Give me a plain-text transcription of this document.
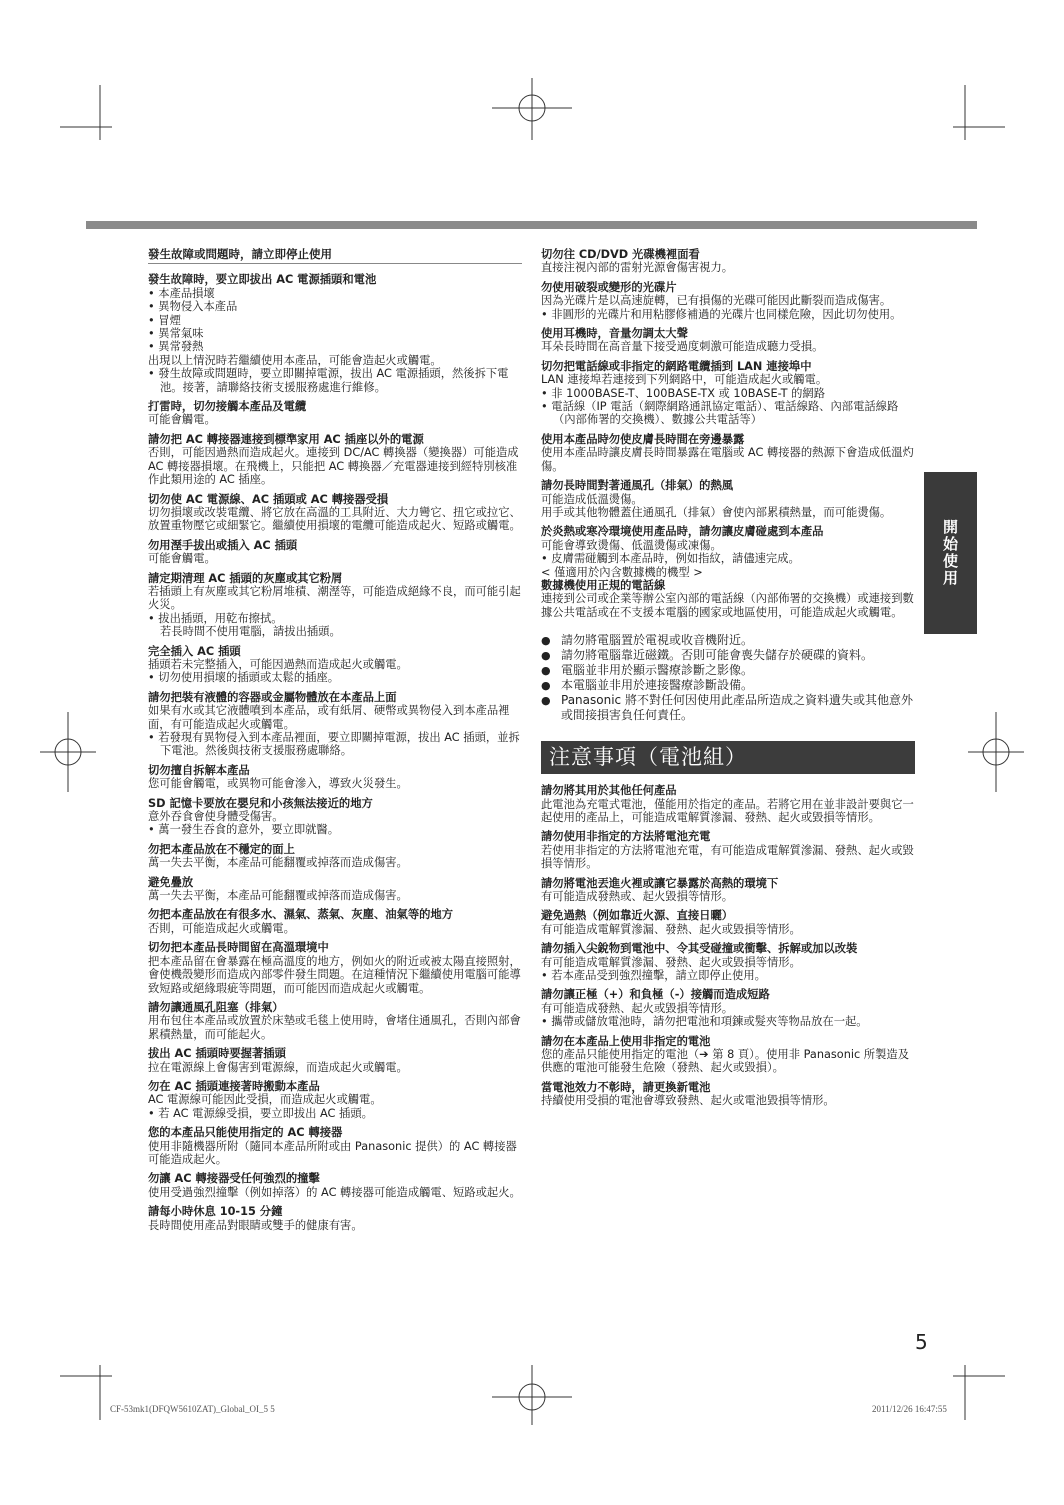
發生故障或問題時，請立即停止使用
發生故障時，要立即拔出 AC 電源插頭和電池
• 本產品損壞
• 異物侵入本產品
• 冒煙
• 異常氣味
• 異常發熱
出現以上情況時若繼續使用本產品，可能會造起火或觸電。
• 發生故障或問題時，要立即關掉電源，拔出 AC 電源插頭，然後拆下電池。接著，請聯絡技術支援服務處進行維修。
打雷時，切勿接觸本產品及電纜
可能會觸電。
請勿把 AC 轉接器連接到標準家用 AC 插座以外的電源
否則，可能因過熱而造成起火。連接到 DC/AC 轉換器（變換器）可能造成 AC 轉接器損壞。在飛機上，只能把 AC 轉換器／充電器連接到經特別核准作此類用途的 AC 插座。
切勿使 AC 電源線、AC 插頭或 AC 轉接器受損
切勿損壞或改裝電纜、將它放在高溫的工具附近、大力彎它、扭它或拉它、放置重物壓它或細緊它。繼續使用損壞的電纜可能造成起火、短路或觸電。
勿用溼手拔出或插入 AC 插頭
可能會觸電。
請定期清理 AC 插頭的灰塵或其它粉屑
若插頭上有灰塵或其它粉屑堆積、潮溼等，可能造成絕緣不良，而可能引起火災。
• 拔出插頭，用乾布擦拭。
若長時間不使用電腦，請拔出插頭。
完全插入 AC 插頭
插頭若未完整插入，可能因過熱而造成起火或觸電。
• 切勿使用損壞的插頭或太鬆的插座。
請勿把裝有液體的容器或金屬物體放在本產品上面
如果有水或其它液體噴到本產品，或有紙屑、硬幣或異物侵入到本產品裡面，有可能造成起火或觸電。
• 若發現有異物侵入到本產品裡面，要立即關掉電源，拔出 AC 插頭，並拆下電池。然後與技術支援服務處聯絡。
切勿擅自拆解本產品
您可能會觸電，或異物可能會滲入，導致火災發生。
SD 記憶卡要放在嬰兒和小孩無法接近的地方
意外吞食會使身體受傷害。
• 萬一發生吞食的意外，要立即就醫。
勿把本產品放在不穩定的面上
萬一失去平衡，本產品可能翻覆或掉落而造成傷害。
避免疊放
萬一失去平衡，本產品可能翻覆或掉落而造成傷害。
勿把本產品放在有很多水、濕氣、蒸氣、灰塵、油氣等的地方
否則，可能造成起火或觸電。
切勿把本產品長時間留在高溫環境中
把本產品留在會暴露在極高溫度的地方，例如火的附近或被太陽直接照射，會使機殼變形而造成內部零件發生問題。在這種情況下繼續使用電腦可能導致短路或絕緣瑕疵等問題，而可能因而造成起火或觸電。
請勿讓通風孔阻塞（排氣）
用布包住本產品或放置於床墊或毛毯上使用時，會堵住通風孔，否則內部會累積熱量，而可能起火。
拔出 AC 插頭時要握著插頭
拉在電源線上會傷害到電源線，而造成起火或觸電。
勿在 AC 插頭連接著時搬動本產品
AC 電源線可能因此受損，而造成起火或觸電。
• 若 AC 電源線受損，要立即拔出 AC 插頭。
您的本產品只能使用指定的 AC 轉接器
使用非隨機器所附（隨同本產品所附或由 Panasonic 提供）的 AC 轉接器可能造成起火。
勿讓 AC 轉接器受任何強烈的撞擊
使用受過強烈撞擊（例如掉落）的 AC 轉接器可能造成觸電、短路或起火。
請每小時休息 10-15 分鐘
長時間使用產品對眼睛或雙手的健康有害。
切勿往 CD/DVD 光碟機裡面看
直接注視內部的雷射光源會傷害視力。
勿使用破裂或變形的光碟片
因為光碟片是以高速旋轉，已有損傷的光碟可能因此斷裂而造成傷害。
• 非圓形的光碟片和用粘膠修補過的光碟片也同樣危險，因此切勿使用。
使用耳機時，音量勿調太大聲
耳朵長時間在高音量下接受過度刺激可能造成聽力受損。
切勿把電話線或非指定的網路電纜插到 LAN 連接埠中
LAN 連接埠若連接到下列網路中，可能造成起火或觸電。
• 非 1000BASE-T、100BASE-TX 或 10BASE-T 的網路
• 電話線（IP 電話（網際網路通訊協定電話）、電話線路、內部電話線路（內部佈署的交換機）、數據公共電話等）
使用本產品時勿使皮膚長時間在旁邊暴露
使用本產品時讓皮膚長時間暴露在電腦或 AC 轉接器的熱源下會造成低溫灼傷。
請勿長時間對著通風孔（排氣）的熱風
可能造成低溫燙傷。
用手或其他物體蓋住通風孔（排氣）會使內部累積熱量，而可能燙傷。
於炎熱或寒冷環境使用產品時，請勿讓皮膚碰處到本產品
可能會導致燙傷、低溫燙傷或凍傷。
• 皮膚需碰觸到本產品時，例如指紋，請儘速完成。
< 僅適用於內含數據機的機型 >
數據機使用正規的電話線
連接到公司或企業等辦公室內部的電話線（內部佈署的交換機）或連接到數據公共電話或在不支援本電腦的國家或地區使用，可能造成起火或觸電。
● 請勿將電腦置於電視或收音機附近。
● 請勿將電腦靠近磁鐵。否則可能會喪失儲存於硬碟的資料。
● 電腦並非用於顯示醫療診斷之影像。
● 本電腦並非用於連接醫療診斷設備。
● Panasonic 將不對任何因使用此產品所造成之資料遺失或其他意外或間接損害負任何責任。
注意事項（電池組）
請勿將其用於其他任何產品
此電池為充電式電池，僅能用於指定的產品。若將它用在並非設計要與它一起使用的產品上，可能造成電解質滲漏、發熱、起火或毀損等情形。
請勿使用非指定的方法將電池充電
若使用非指定的方法將電池充電，有可能造成電解質滲漏、發熱、起火或毀損等情形。
請勿將電池丟進火裡或讓它暴露於高熱的環境下
有可能造成發熱或、起火毀損等情形。
避免過熱（例如靠近火源、直接日曬）
有可能造成電解質滲漏、發熱、起火或毀損等情形。
請勿插入尖銳物到電池中、令其受碰撞或衝擊、拆解或加以改裝
有可能造成電解質滲漏、發熱、起火或毀損等情形。
• 若本產品受到強烈撞擊，請立即停止使用。
請勿讓正極（+）和負極（-）接觸而造成短路
有可能造成發熱、起火或毀損等情形。
• 攜帶或儲放電池時，請勿把電池和項鍊或髮夾等物品放在一起。
請勿在本產品上使用非指定的電池
您的產品只能使用指定的電池（➔ 第 8 頁）。使用非 Panasonic 所製造及供應的電池可能發生危險（發熱、起火或毀損）。
當電池效力不彰時，請更換新電池
持續使用受損的電池會導致發熱、起火或電池毀損等情形。
開始使用
5
CF-53mk1(DFQW5610ZAT)_Global_OI_5 5	2011/12/26 16:47:55
